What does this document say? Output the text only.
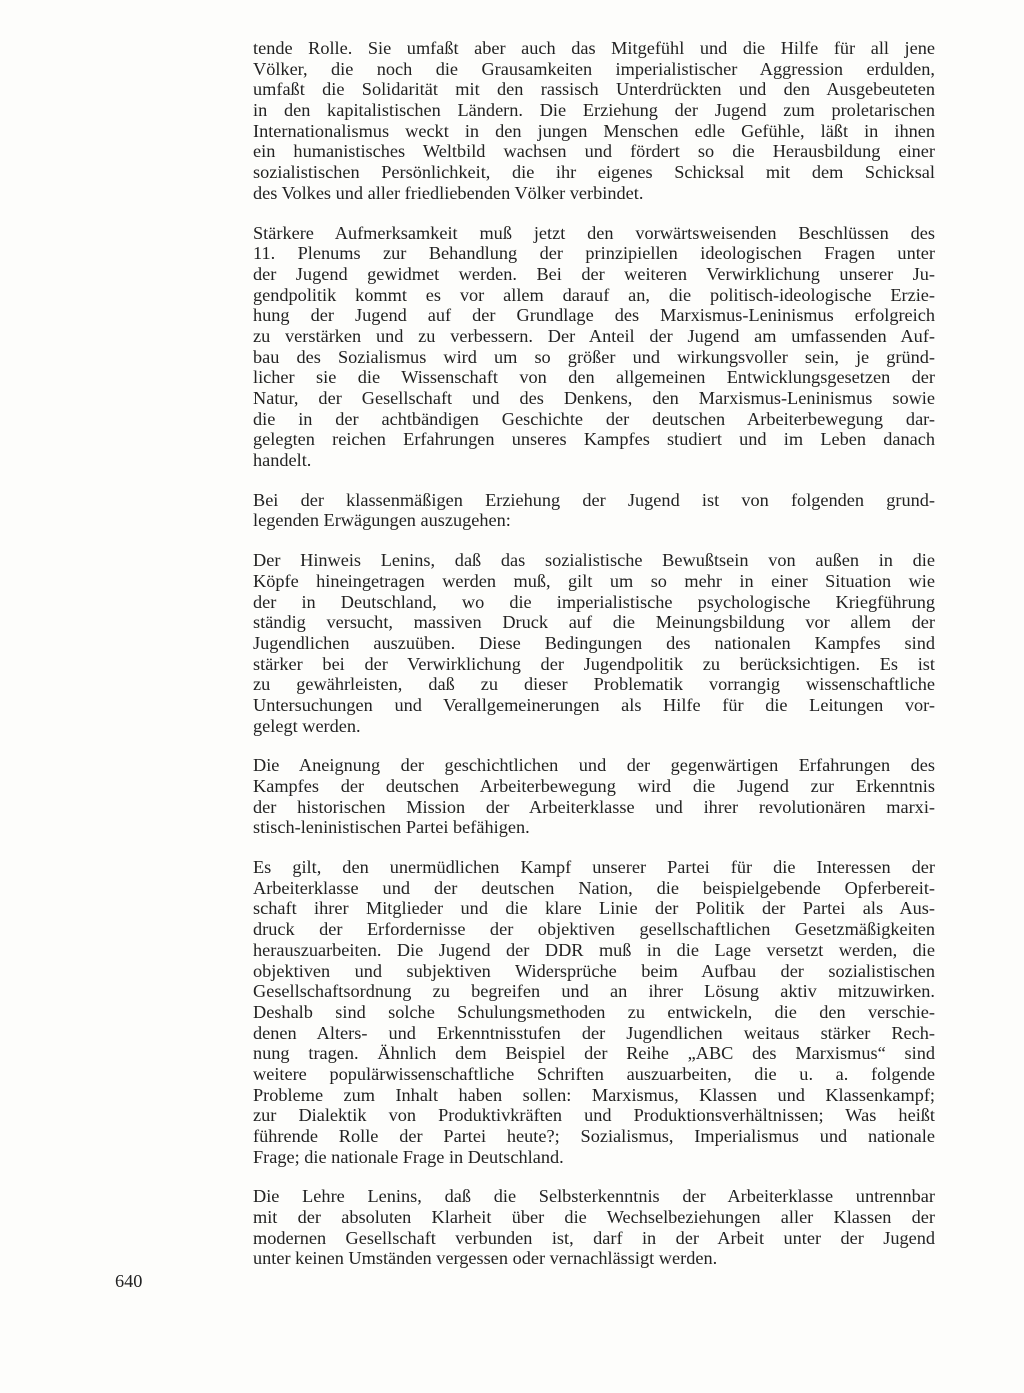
tende Rolle. Sie umfaßt aber auch das Mitgefühl und die Hilfe für all jene
Völker, die noch die Grausamkeiten imperialistischer Aggression erdulden,
umfaßt die Solidarität mit den rassisch Unterdrückten und den Ausgebeuteten
in den kapitalistischen Ländern. Die Erziehung der Jugend zum proletarischen
Internationalismus weckt in den jungen Menschen edle Gefühle, läßt in ihnen
ein humanistisches Weltbild wachsen und fördert so die Herausbildung einer
sozialistischen Persönlichkeit, die ihr eigenes Schicksal mit dem Schicksal
des Volkes und aller friedliebenden Völker verbindet.
Stärkere Aufmerksamkeit muß jetzt den vorwärtsweisenden Beschlüssen des
11. Plenums zur Behandlung der prinzipiellen ideologischen Fragen unter
der Jugend gewidmet werden. Bei der weiteren Verwirklichung unserer Ju-
gendpolitik kommt es vor allem darauf an, die politisch-ideologische Erzie-
hung der Jugend auf der Grundlage des Marxismus-Leninismus erfolgreich
zu verstärken und zu verbessern. Der Anteil der Jugend am umfassenden Auf-
bau des Sozialismus wird um so größer und wirkungsvoller sein, je gründ-
licher sie die Wissenschaft von den allgemeinen Entwicklungsgesetzen der
Natur, der Gesellschaft und des Denkens, den Marxismus-Leninismus sowie
die in der achtbändigen Geschichte der deutschen Arbeiterbewegung dar-
gelegten reichen Erfahrungen unseres Kampfes studiert und im Leben danach
handelt.
Bei der klassenmäßigen Erziehung der Jugend ist von folgenden grund-
legenden Erwägungen auszugehen:
Der Hinweis Lenins, daß das sozialistische Bewußtsein von außen in die
Köpfe hineingetragen werden muß, gilt um so mehr in einer Situation wie
der in Deutschland, wo die imperialistische psychologische Kriegführung
ständig versucht, massiven Druck auf die Meinungsbildung vor allem der
Jugendlichen auszuüben. Diese Bedingungen des nationalen Kampfes sind
stärker bei der Verwirklichung der Jugendpolitik zu berücksichtigen. Es ist
zu gewährleisten, daß zu dieser Problematik vorrangig wissenschaftliche
Untersuchungen und Verallgemeinerungen als Hilfe für die Leitungen vor-
gelegt werden.
Die Aneignung der geschichtlichen und der gegenwärtigen Erfahrungen des
Kampfes der deutschen Arbeiterbewegung wird die Jugend zur Erkenntnis
der historischen Mission der Arbeiterklasse und ihrer revolutionären marxi-
stisch-leninistischen Partei befähigen.
Es gilt, den unermüdlichen Kampf unserer Partei für die Interessen der
Arbeiterklasse und der deutschen Nation, die beispielgebende Opferbereit-
schaft ihrer Mitglieder und die klare Linie der Politik der Partei als Aus-
druck der Erfordernisse der objektiven gesellschaftlichen Gesetzmäßigkeiten
herauszuarbeiten. Die Jugend der DDR muß in die Lage versetzt werden, die
objektiven und subjektiven Widersprüche beim Aufbau der sozialistischen
Gesellschaftsordnung zu begreifen und an ihrer Lösung aktiv mitzuwirken.
Deshalb sind solche Schulungsmethoden zu entwickeln, die den verschie-
denen Alters- und Erkenntnisstufen der Jugendlichen weitaus stärker Rech-
nung tragen. Ähnlich dem Beispiel der Reihe „ABC des Marxismus“ sind
weitere populärwissenschaftliche Schriften auszuarbeiten, die u. a. folgende
Probleme zum Inhalt haben sollen: Marxismus, Klassen und Klassenkampf;
zur Dialektik von Produktivkräften und Produktionsverhältnissen; Was heißt
führende Rolle der Partei heute?; Sozialismus, Imperialismus und nationale
Frage; die nationale Frage in Deutschland.
Die Lehre Lenins, daß die Selbsterkenntnis der Arbeiterklasse untrennbar
mit der absoluten Klarheit über die Wechselbeziehungen aller Klassen der
modernen Gesellschaft verbunden ist, darf in der Arbeit unter der Jugend
unter keinen Umständen vergessen oder vernachlässigt werden.
640
